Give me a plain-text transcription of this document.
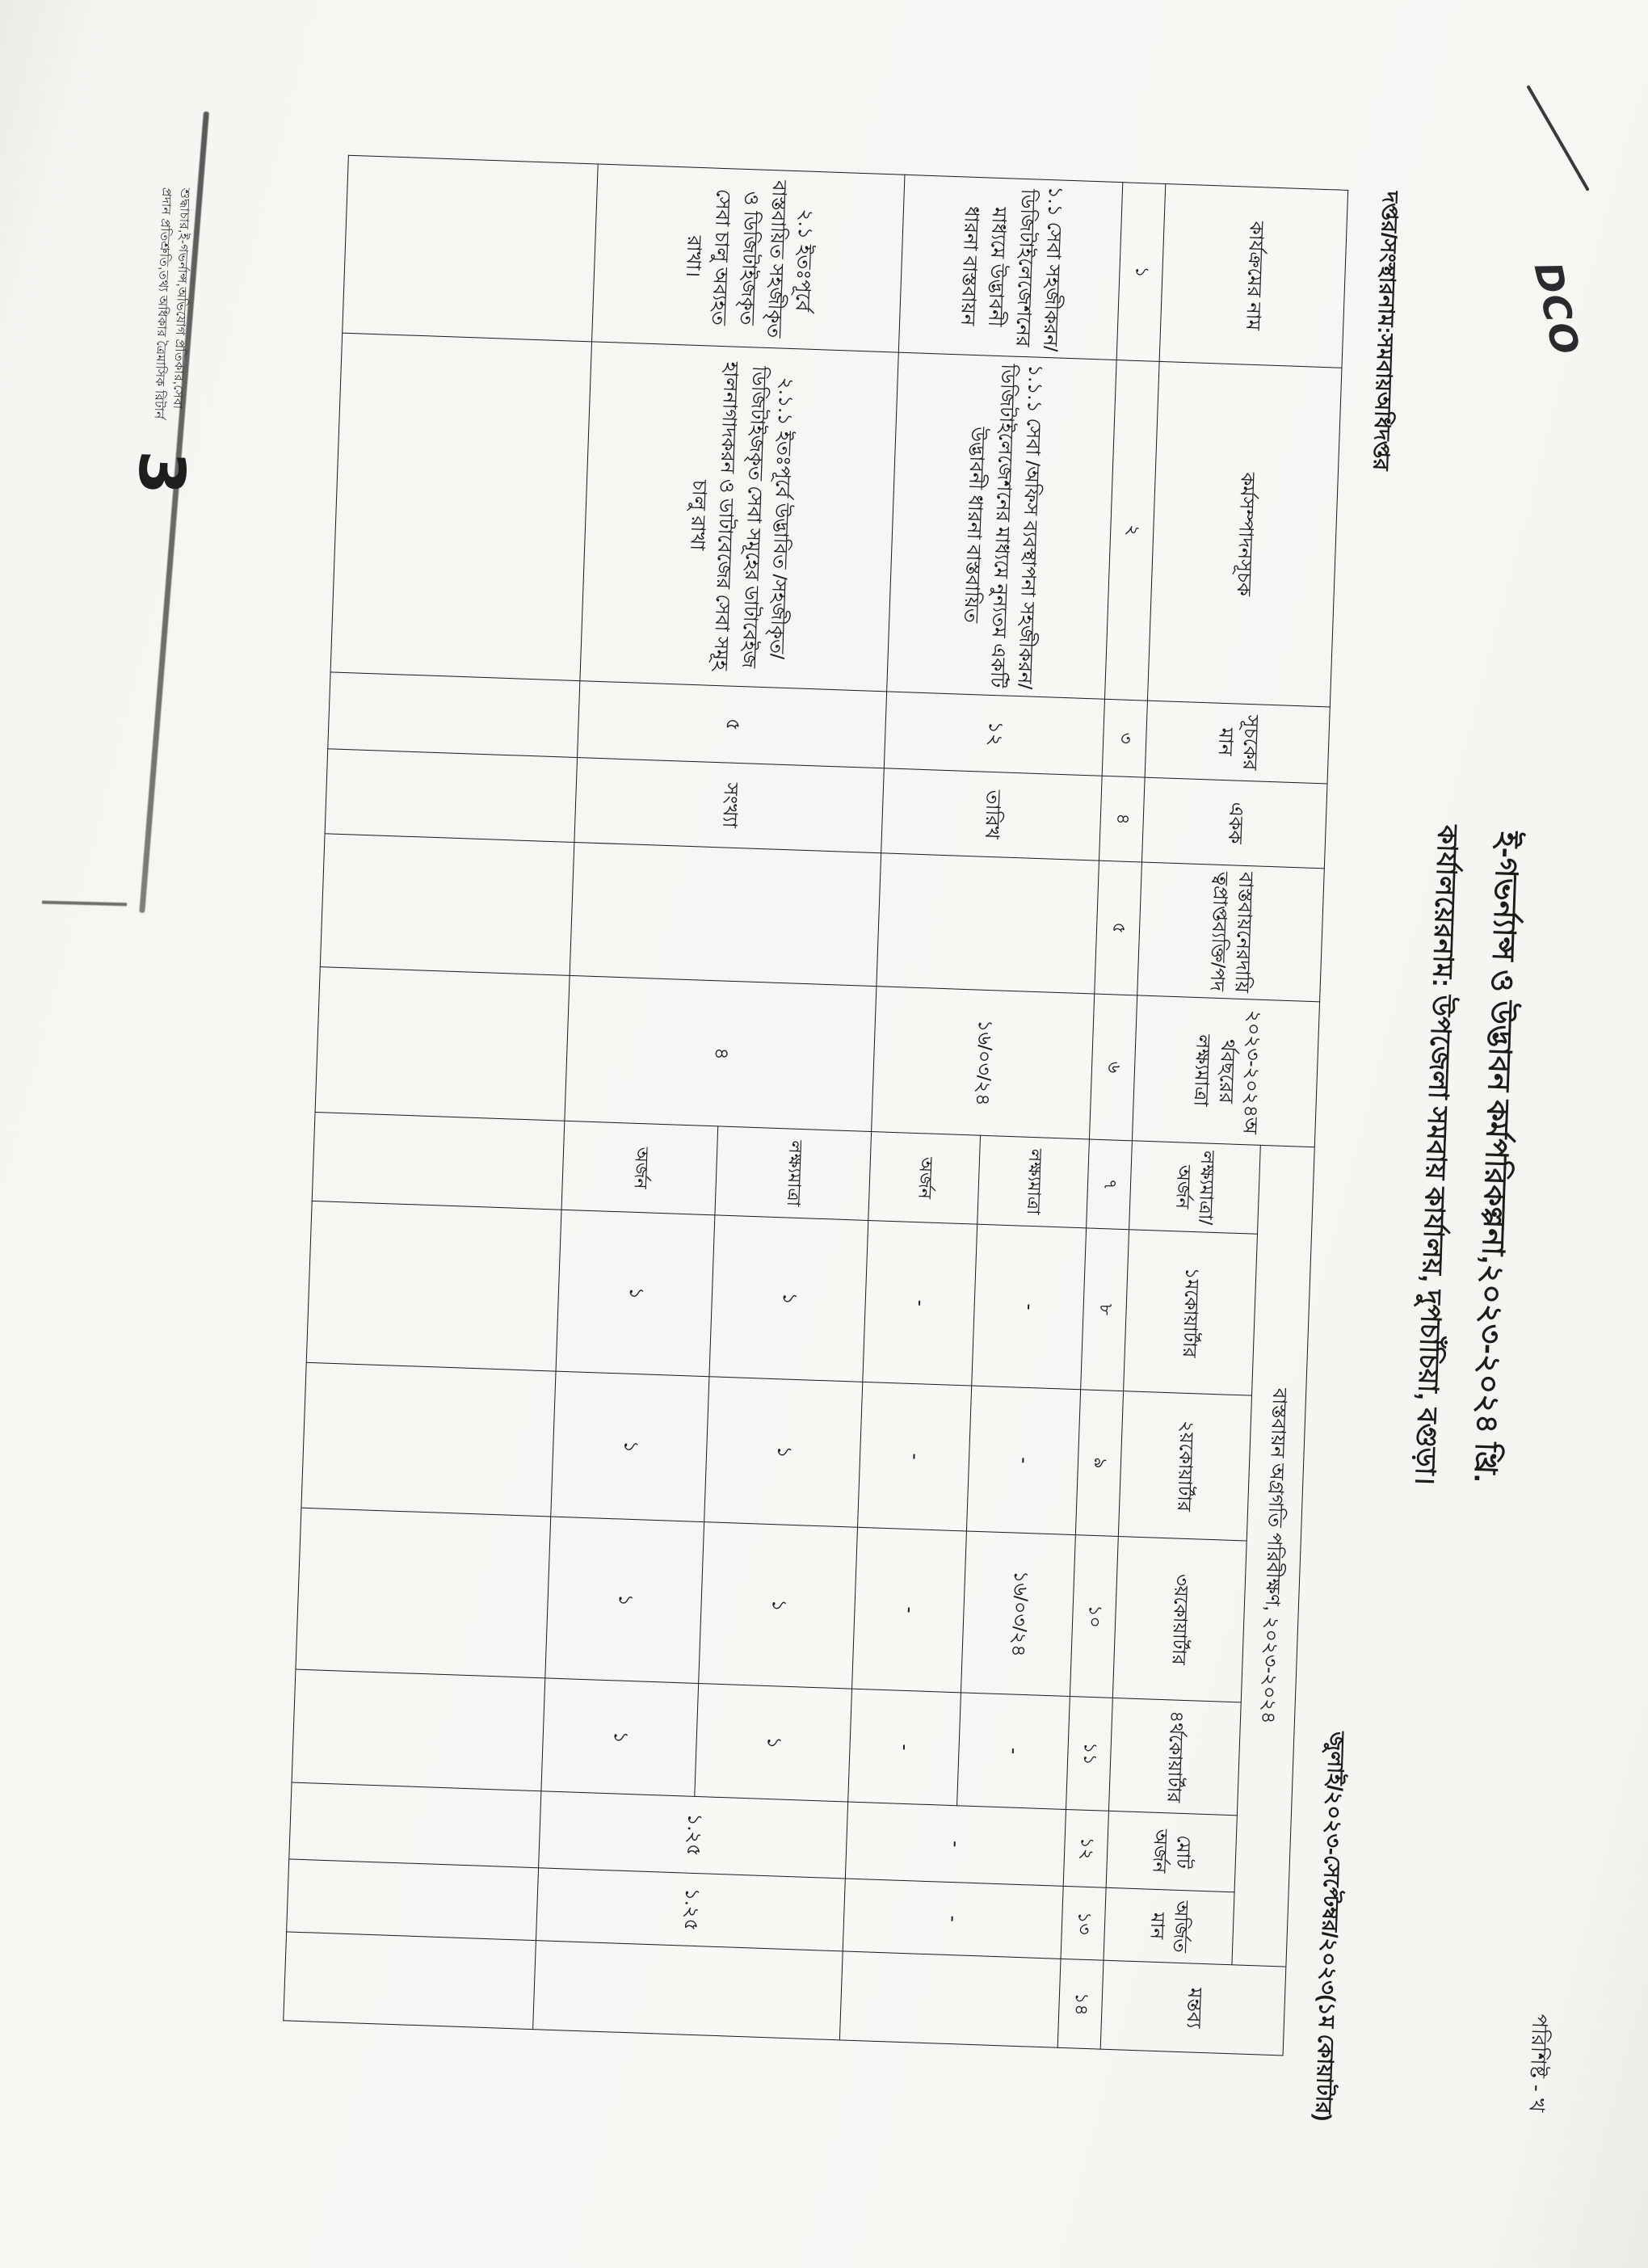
DCO
পরিশিষ্ট - খ
ই-গভর্ন্যান্স ও উদ্ভাবন কর্মপরিকল্পনা,২০২৩-২০২৪ খ্রি.
কার্যালয়েরনাম: উপজেলা সমবায় কার্যালয়, দুপচাঁচিয়া, বগুড়া।
দপ্তর/সংস্থারনাম:সমবায়অধিদপ্তর
জুলাই/২০২৩-সেপ্টেম্বর/২০২৩(১ম কোয়াটার)
কার্যক্রমের নাম	কর্মসম্পাদনসূচক	সূচকের মান	একক	বাস্তবায়নেরদায়িত্বপ্রাপ্তব্যক্তি/পদ	২০২৩-২০২৪অর্থবছরের লক্ষ্যমাত্রা	বাস্তবায়ন অগ্রগতি পরিবীক্ষণ, ২০২৩-২০২৪							মন্তব্য
						লক্ষ্যমাত্রা/ অর্জন	১মকোয়ার্টার	২য়কোয়ার্টার	৩য়কোয়ার্টার	৪র্থকোয়ার্টার	মোট অর্জন	অর্জিত মান	
১	২	৩	৪	৫	৬	৭	৮	৯	১০	১১	১২	১৩	১৪
১.১ সেবা সহজীকরন/ ডিজিটাইলেজেশনের মাধ্যমে উদ্ভাবনী ধারনা বাস্তবায়ন	১.১.১ সেবা /অফিস ব্যবস্থাপনা সহজীকরন/ডিজিটাইলেজেশনের মাধ্যমে নুন্যতম একটি উদ্ভাবনী ধারনা বাস্তবায়িত	১২	তারিখ		১৬/০৩/২৪	লক্ষ্যমাত্রা	-	-	১৬/০৩/২৪	-	-	-	
						অর্জন	-	-	-	-			
২.১ ইতঃপূর্বে বাস্তবায়িত সহজীকৃত ও ডিজিটাইজকৃত সেবা চালু অব্যহত রাখা।	২.১.১ ইতঃপূর্বে উদ্ভাবিত /সহজীকৃত/ডিজিটাইজকৃত সেবা সমূহের ডাটাবেইজ হালনাগাদকরন ও ডাটাবেজের সেবা সমূহ চালু রাখা	৫	সংখ্যা		৪	লক্ষ্যমাত্রা	১	১	১	১	১.২৫	১.২৫	
						অর্জন	১	১	১	১			

শুদ্ধাচার,ই-গভর্নান্স,অভিযোগ প্রতিকার,সেবা প্রদান প্রতিশ্রুতি,তথ্য অধিকার ত্রৈমাসিক রিটার্ন
3
